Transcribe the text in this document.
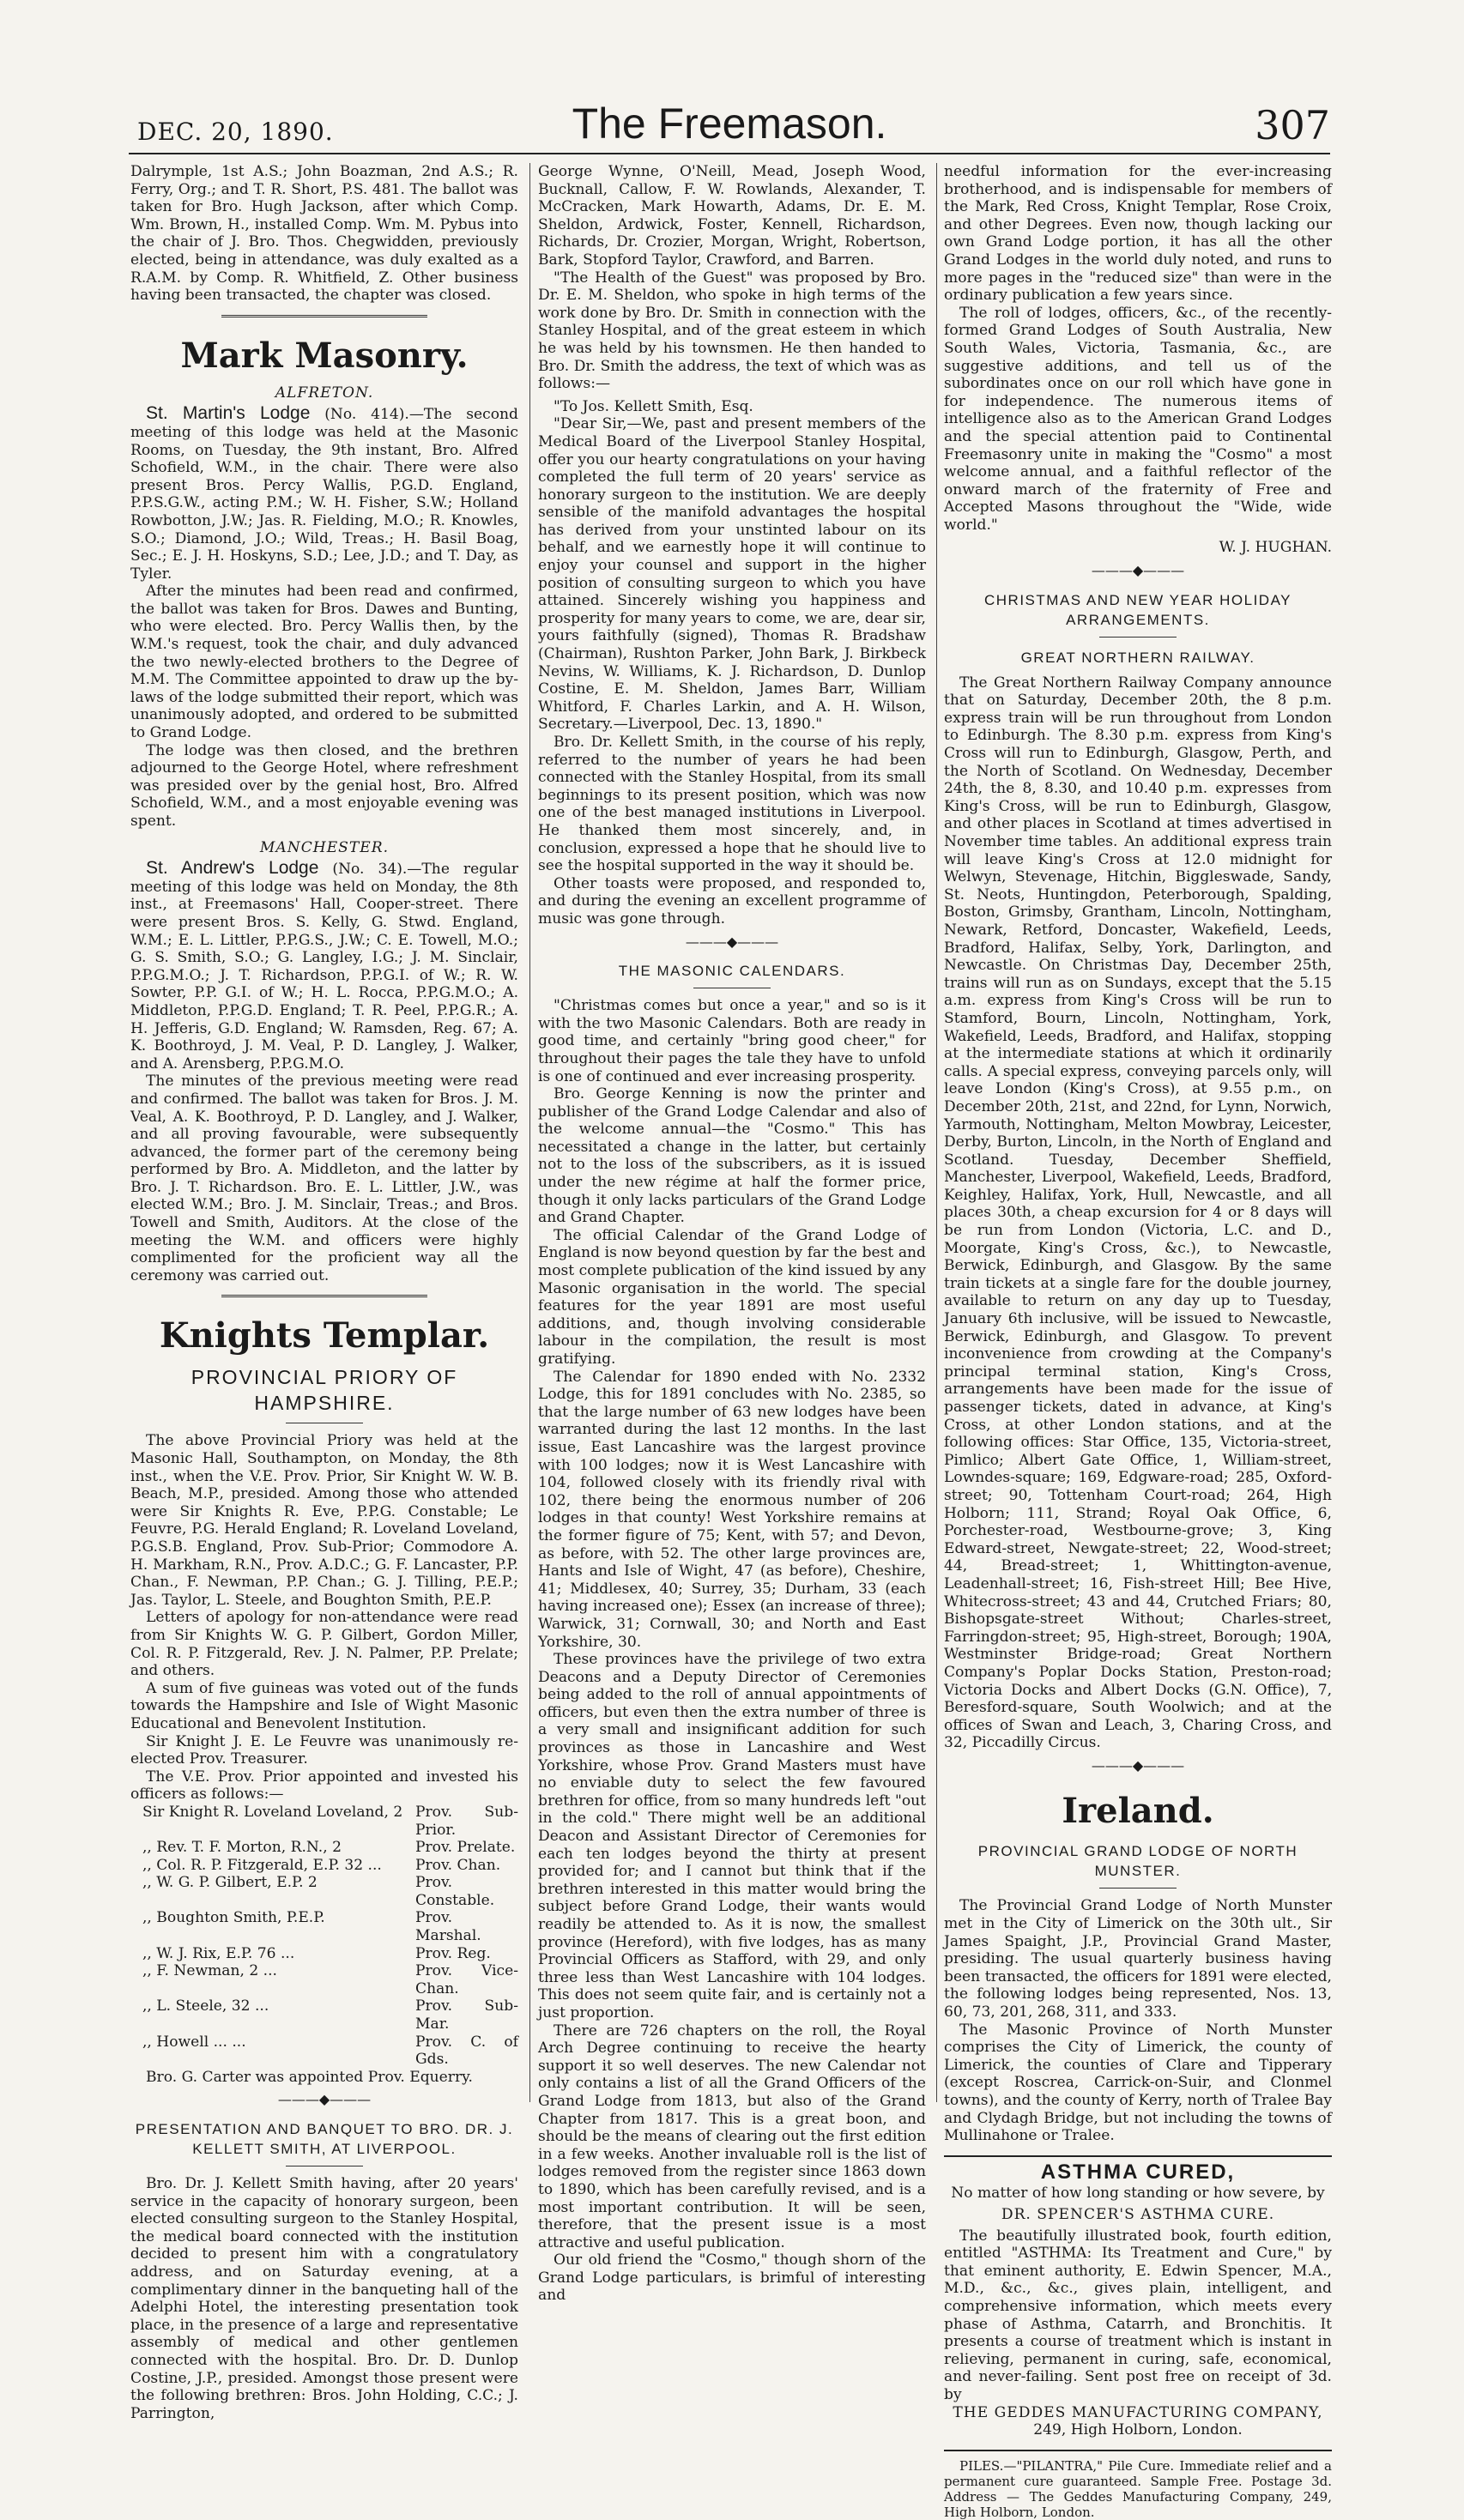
DEC. 20, 1890.	The Freemason.	307

Dalrymple, 1st A.S.; John Boazman, 2nd A.S.; R. Ferry, Org.; and T. R. Short, P.S. 481. The ballot was taken for Bro. Hugh Jackson, after which Comp. Wm. Brown, H., installed Comp. Wm. M. Pybus into the chair of J. Bro. Thos. Chegwidden, previously elected, being in attendance, was duly exalted as a R.A.M. by Comp. R. Whitfield, Z. Other business having been transacted, the chapter was closed.

Mark Masonry.
ALFRETON.

St. Martin's Lodge (No. 414).—The second meeting of this lodge was held at the Masonic Rooms, on Tuesday, the 9th instant, Bro. Alfred Schofield, W.M., in the chair. There were also present Bros. Percy Wallis, P.G.D. England, P.P.S.G.W., acting P.M.; W. H. Fisher, S.W.; Holland Rowbotton, J.W.; Jas. R. Fielding, M.O.; R. Knowles, S.O.; Diamond, J.O.; Wild, Treas.; H. Basil Boag, Sec.; E. J. H. Hoskyns, S.D.; Lee, J.D.; and T. Day, as Tyler.

After the minutes had been read and confirmed, the ballot was taken for Bros. Dawes and Bunting, who were elected. Bro. Percy Wallis then, by the W.M.'s request, took the chair, and duly advanced the two newly-elected brothers to the Degree of M.M. The Committee appointed to draw up the by-laws of the lodge submitted their report, which was unanimously adopted, and ordered to be submitted to Grand Lodge.

The lodge was then closed, and the brethren adjourned to the George Hotel, where refreshment was presided over by the genial host, Bro. Alfred Schofield, W.M., and a most enjoyable evening was spent.

MANCHESTER.

St. Andrew's Lodge (No. 34).—The regular meeting of this lodge was held on Monday, the 8th inst., at Freemasons' Hall, Cooper-street. There were present Bros. S. Kelly, G. Stwd. England, W.M.; E. L. Littler, P.P.G.S., J.W.; C. E. Towell, M.O.; G. S. Smith, S.O.; G. Langley, I.G.; J. M. Sinclair, P.P.G.M.O.; J. T. Richardson, P.P.G.I. of W.; R. W. Sowter, P.P. G.I. of W.; H. L. Rocca, P.P.G.M.O.; A. Middleton, P.P.G.D. England; T. R. Peel, P.P.G.R.; A. H. Jefferis, G.D. England; W. Ramsden, Reg. 67; A. K. Boothroyd, J. M. Veal, P. D. Langley, J. Walker, and A. Arensberg, P.P.G.M.O.

The minutes of the previous meeting were read and confirmed. The ballot was taken for Bros. J. M. Veal, A. K. Boothroyd, P. D. Langley, and J. Walker, and all proving favourable, were subsequently advanced, the former part of the ceremony being performed by Bro. A. Middleton, and the latter by Bro. J. T. Richardson. Bro. E. L. Littler, J.W., was elected W.M.; Bro. J. M. Sinclair, Treas.; and Bros. Towell and Smith, Auditors. At the close of the meeting the W.M. and officers were highly complimented for the proficient way all the ceremony was carried out.

Knights Templar.
PROVINCIAL PRIORY OF HAMPSHIRE.

The above Provincial Priory was held at the Masonic Hall, Southampton, on Monday, the 8th inst., when the V.E. Prov. Prior, Sir Knight W. W. B. Beach, M.P., presided. Among those who attended were Sir Knights R. Eve, P.P.G. Constable; Le Feuvre, P.G. Herald England; R. Loveland Loveland, P.G.S.B. England, Prov. Sub-Prior; Commodore A. H. Markham, R.N., Prov. A.D.C.; G. F. Lancaster, P.P. Chan., F. Newman, P.P. Chan.; G. J. Tilling, P.E.P.; Jas. Taylor, L. Steele, and Boughton Smith, P.E.P.

Letters of apology for non-attendance were read from Sir Knights W. G. P. Gilbert, Gordon Miller, Col. R. P. Fitzgerald, Rev. J. N. Palmer, P.P. Prelate; and others.

A sum of five guineas was voted out of the funds towards the Hampshire and Isle of Wight Masonic Educational and Benevolent Institution.

Sir Knight J. E. Le Feuvre was unanimously re-elected Prov. Treasurer.

The V.E. Prov. Prior appointed and invested his officers as follows:—

Sir Knight R. Loveland Loveland, 2 Prov. Sub-Prior.
,, Rev. T. F. Morton, R.N., 2	Prov. Prelate.
,, Col. R. P. Fitzgerald, E.P. 32 ...	Prov. Chan.
,, W. G. P. Gilbert, E.P. 2	Prov. Constable.
,, Boughton Smith, P.E.P.	Prov. Marshal.
,, W. J. Rix, E.P. 76 ...	Prov. Reg.
,, F. Newman, 2 ...	Prov. Vice-Chan.
,, L. Steele, 32 ...	Prov. Sub-Mar.
,, Howell ... ...	Prov. C. of Gds.

Bro. G. Carter was appointed Prov. Equerry.

———◆———
PRESENTATION AND BANQUET TO BRO. DR. J. KELLETT SMITH, AT LIVERPOOL.

Bro. Dr. J. Kellett Smith having, after 20 years' service in the capacity of honorary surgeon, been elected consulting surgeon to the Stanley Hospital, the medical board connected with the institution decided to present him with a congratulatory address, and on Saturday evening, at a complimentary dinner in the banqueting hall of the Adelphi Hotel, the interesting presentation took place, in the presence of a large and representative assembly of medical and other gentlemen connected with the hospital. Bro. Dr. D. Dunlop Costine, J.P., presided. Amongst those present were the following brethren: Bros. John Holding, C.C.; J. Parrington,

George Wynne, O'Neill, Mead, Joseph Wood, Bucknall, Callow, F. W. Rowlands, Alexander, T. McCracken, Mark Howarth, Adams, Dr. E. M. Sheldon, Ardwick, Foster, Kennell, Richardson, Richards, Dr. Crozier, Morgan, Wright, Robertson, Bark, Stopford Taylor, Crawford, and Barren.

"The Health of the Guest" was proposed by Bro. Dr. E. M. Sheldon, who spoke in high terms of the work done by Bro. Dr. Smith in connection with the Stanley Hospital, and of the great esteem in which he was held by his townsmen. He then handed to Bro. Dr. Smith the address, the text of which was as follows:—

"To Jos. Kellett Smith, Esq.

"Dear Sir,—We, past and present members of the Medical Board of the Liverpool Stanley Hospital, offer you our hearty congratulations on your having completed the full term of 20 years' service as honorary surgeon to the institution. We are deeply sensible of the manifold advantages the hospital has derived from your unstinted labour on its behalf, and we earnestly hope it will continue to enjoy your counsel and support in the higher position of consulting surgeon to which you have attained. Sincerely wishing you happiness and prosperity for many years to come, we are, dear sir, yours faithfully (signed), Thomas R. Bradshaw (Chairman), Rushton Parker, John Bark, J. Birkbeck Nevins, W. Williams, K. J. Richardson, D. Dunlop Costine, E. M. Sheldon, James Barr, William Whitford, F. Charles Larkin, and A. H. Wilson, Secretary.—Liverpool, Dec. 13, 1890."

Bro. Dr. Kellett Smith, in the course of his reply, referred to the number of years he had been connected with the Stanley Hospital, from its small beginnings to its present position, which was now one of the best managed institutions in Liverpool. He thanked them most sincerely, and, in conclusion, expressed a hope that he should live to see the hospital supported in the way it should be.

Other toasts were proposed, and responded to, and during the evening an excellent programme of music was gone through.

———◆———
THE MASONIC CALENDARS.

"Christmas comes but once a year," and so is it with the two Masonic Calendars. Both are ready in good time, and certainly "bring good cheer," for throughout their pages the tale they have to unfold is one of continued and ever increasing prosperity.

Bro. George Kenning is now the printer and publisher of the Grand Lodge Calendar and also of the welcome annual—the "Cosmo." This has necessitated a change in the latter, but certainly not to the loss of the subscribers, as it is issued under the new régime at half the former price, though it only lacks particulars of the Grand Lodge and Grand Chapter.

The official Calendar of the Grand Lodge of England is now beyond question by far the best and most complete publication of the kind issued by any Masonic organisation in the world. The special features for the year 1891 are most useful additions, and, though involving considerable labour in the compilation, the result is most gratifying.

The Calendar for 1890 ended with No. 2332 Lodge, this for 1891 concludes with No. 2385, so that the large number of 63 new lodges have been warranted during the last 12 months. In the last issue, East Lancashire was the largest province with 100 lodges; now it is West Lancashire with 104, followed closely with its friendly rival with 102, there being the enormous number of 206 lodges in that county! West Yorkshire remains at the former figure of 75; Kent, with 57; and Devon, as before, with 52. The other large provinces are, Hants and Isle of Wight, 47 (as before), Cheshire, 41; Middlesex, 40; Surrey, 35; Durham, 33 (each having increased one); Essex (an increase of three); Warwick, 31; Cornwall, 30; and North and East Yorkshire, 30.

These provinces have the privilege of two extra Deacons and a Deputy Director of Ceremonies being added to the roll of annual appointments of officers, but even then the extra number of three is a very small and insignificant addition for such provinces as those in Lancashire and West Yorkshire, whose Prov. Grand Masters must have no enviable duty to select the few favoured brethren for office, from so many hundreds left "out in the cold." There might well be an additional Deacon and Assistant Director of Ceremonies for each ten lodges beyond the thirty at present provided for; and I cannot but think that if the brethren interested in this matter would bring the subject before Grand Lodge, their wants would readily be attended to. As it is now, the smallest province (Hereford), with five lodges, has as many Provincial Officers as Stafford, with 29, and only three less than West Lancashire with 104 lodges. This does not seem quite fair, and is certainly not a just proportion.

There are 726 chapters on the roll, the Royal Arch Degree continuing to receive the hearty support it so well deserves. The new Calendar not only contains a list of all the Grand Officers of the Grand Lodge from 1813, but also of the Grand Chapter from 1817. This is a great boon, and should be the means of clearing out the first edition in a few weeks. Another invaluable roll is the list of lodges removed from the register since 1863 down to 1890, which has been carefully revised, and is a most important contribution. It will be seen, therefore, that the present issue is a most attractive and useful publication.

Our old friend the "Cosmo," though shorn of the Grand Lodge particulars, is brimful of interesting and

needful information for the ever-increasing brotherhood, and is indispensable for members of the Mark, Red Cross, Knight Templar, Rose Croix, and other Degrees. Even now, though lacking our own Grand Lodge portion, it has all the other Grand Lodges in the world duly noted, and runs to more pages in the "reduced size" than were in the ordinary publication a few years since.

The roll of lodges, officers, &c., of the recently-formed Grand Lodges of South Australia, New South Wales, Victoria, Tasmania, &c., are suggestive additions, and tell us of the subordinates once on our roll which have gone in for independence. The numerous items of intelligence also as to the American Grand Lodges and the special attention paid to Continental Freemasonry unite in making the "Cosmo" a most welcome annual, and a faithful reflector of the onward march of the fraternity of Free and Accepted Masons throughout the "Wide, wide world."

W. J. HUGHAN.

———◆———
CHRISTMAS AND NEW YEAR HOLIDAY ARRANGEMENTS.
GREAT NORTHERN RAILWAY.

The Great Northern Railway Company announce that on Saturday, December 20th, the 8 p.m. express train will be run throughout from London to Edinburgh. The 8.30 p.m. express from King's Cross will run to Edinburgh, Glasgow, Perth, and the North of Scotland. On Wednesday, December 24th, the 8, 8.30, and 10.40 p.m. expresses from King's Cross, will be run to Edinburgh, Glasgow, and other places in Scotland at times advertised in November time tables. An additional express train will leave King's Cross at 12.0 midnight for Welwyn, Stevenage, Hitchin, Biggleswade, Sandy, St. Neots, Huntingdon, Peterborough, Spalding, Boston, Grimsby, Grantham, Lincoln, Nottingham, Newark, Retford, Doncaster, Wakefield, Leeds, Bradford, Halifax, Selby, York, Darlington, and Newcastle. On Christmas Day, December 25th, trains will run as on Sundays, except that the 5.15 a.m. express from King's Cross will be run to Stamford, Bourn, Lincoln, Nottingham, York, Wakefield, Leeds, Bradford, and Halifax, stopping at the intermediate stations at which it ordinarily calls. A special express, conveying parcels only, will leave London (King's Cross), at 9.55 p.m., on December 20th, 21st, and 22nd, for Lynn, Norwich, Yarmouth, Nottingham, Melton Mowbray, Leicester, Derby, Burton, Lincoln, in the North of England and Scotland. Tuesday, December Sheffield, Manchester, Liverpool, Wakefield, Leeds, Bradford, Keighley, Halifax, York, Hull, Newcastle, and all places 30th, a cheap excursion for 4 or 8 days will be run from London (Victoria, L.C. and D., Moorgate, King's Cross, &c.), to Newcastle, Berwick, Edinburgh, and Glasgow. By the same train tickets at a single fare for the double journey, available to return on any day up to Tuesday, January 6th inclusive, will be issued to Newcastle, Berwick, Edinburgh, and Glasgow. To prevent inconvenience from crowding at the Company's principal terminal station, King's Cross, arrangements have been made for the issue of passenger tickets, dated in advance, at King's Cross, at other London stations, and at the following offices: Star Office, 135, Victoria-street, Pimlico; Albert Gate Office, 1, William-street, Lowndes-square; 169, Edgware-road; 285, Oxford-street; 90, Tottenham Court-road; 264, High Holborn; 111, Strand; Royal Oak Office, 6, Porchester-road, Westbourne-grove; 3, King Edward-street, Newgate-street; 22, Wood-street; 44, Bread-street; 1, Whittington-avenue, Leadenhall-street; 16, Fish-street Hill; Bee Hive, Whitecross-street; 43 and 44, Crutched Friars; 80, Bishopsgate-street Without; Charles-street, Farringdon-street; 95, High-street, Borough; 190A, Westminster Bridge-road; Great Northern Company's Poplar Docks Station, Preston-road; Victoria Docks and Albert Docks (G.N. Office), 7, Beresford-square, South Woolwich; and at the offices of Swan and Leach, 3, Charing Cross, and 32, Piccadilly Circus.

———◆———
Ireland.
PROVINCIAL GRAND LODGE OF NORTH MUNSTER.

The Provincial Grand Lodge of North Munster met in the City of Limerick on the 30th ult., Sir James Spaight, J.P., Provincial Grand Master, presiding. The usual quarterly business having been transacted, the officers for 1891 were elected, the following lodges being represented, Nos. 13, 60, 73, 201, 268, 311, and 333.

The Masonic Province of North Munster comprises the City of Limerick, the county of Limerick, the counties of Clare and Tipperary (except Roscrea, Carrick-on-Suir, and Clonmel towns), and the county of Kerry, north of Tralee Bay and Clydagh Bridge, but not including the towns of Mullinahone or Tralee.

ASTHMA CURED,
No matter of how long standing or how severe, by
DR. SPENCER'S ASTHMA CURE.

The beautifully illustrated book, fourth edition, entitled "ASTHMA: Its Treatment and Cure," by that eminent authority, E. Edwin Spencer, M.A., M.D., &c., &c., gives plain, intelligent, and comprehensive information, which meets every phase of Asthma, Catarrh, and Bronchitis. It presents a course of treatment which is instant in relieving, permanent in curing, safe, economical, and never-failing. Sent post free on receipt of 3d. by

THE GEDDES MANUFACTURING COMPANY,
249, High Holborn, London.

PILES.—"PILANTRA," Pile Cure. Immediate relief and a permanent cure guaranteed. Sample Free. Postage 3d. Address — The Geddes Manufacturing Company, 249, High Holborn, London.
